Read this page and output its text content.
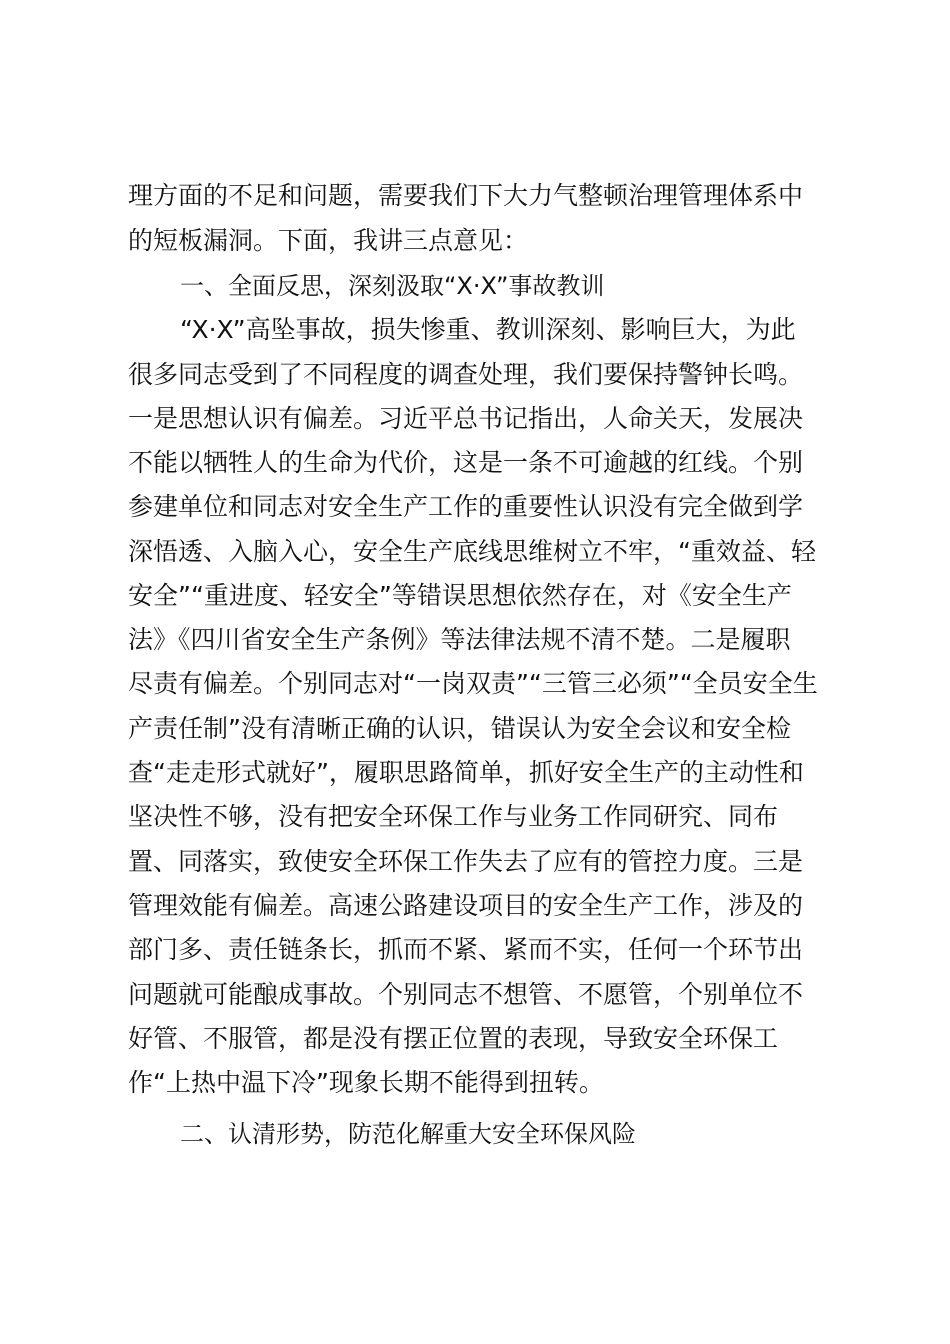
理方面的不足和问题，需要我们下大力气整顿治理管理体系中
的短板漏洞。下面，我讲三点意见：
一、全面反思，深刻汲取“X·X”事故教训
“X·X”高坠事故，损失惨重、教训深刻、影响巨大，为此
很多同志受到了不同程度的调查处理，我们要保持警钟长鸣。
一是思想认识有偏差。习近平总书记指出，人命关天，发展决
不能以牺牲人的生命为代价，这是一条不可逾越的红线。个别
参建单位和同志对安全生产工作的重要性认识没有完全做到学
深悟透、入脑入心，安全生产底线思维树立不牢，“重效益、轻
安全”“重进度、轻安全”等错误思想依然存在，对《安全生产
法》《四川省安全生产条例》等法律法规不清不楚。二是履职
尽责有偏差。个别同志对“一岗双责”“三管三必须”“全员安全生
产责任制”没有清晰正确的认识，错误认为安全会议和安全检
查“走走形式就好”，履职思路简单，抓好安全生产的主动性和
坚决性不够，没有把安全环保工作与业务工作同研究、同布
置、同落实，致使安全环保工作失去了应有的管控力度。三是
管理效能有偏差。高速公路建设项目的安全生产工作，涉及的
部门多、责任链条长，抓而不紧、紧而不实，任何一个环节出
问题就可能酿成事故。个别同志不想管、不愿管，个别单位不
好管、不服管，都是没有摆正位置的表现，导致安全环保工
作“上热中温下冷”现象长期不能得到扭转。
二、认清形势，防范化解重大安全环保风险
